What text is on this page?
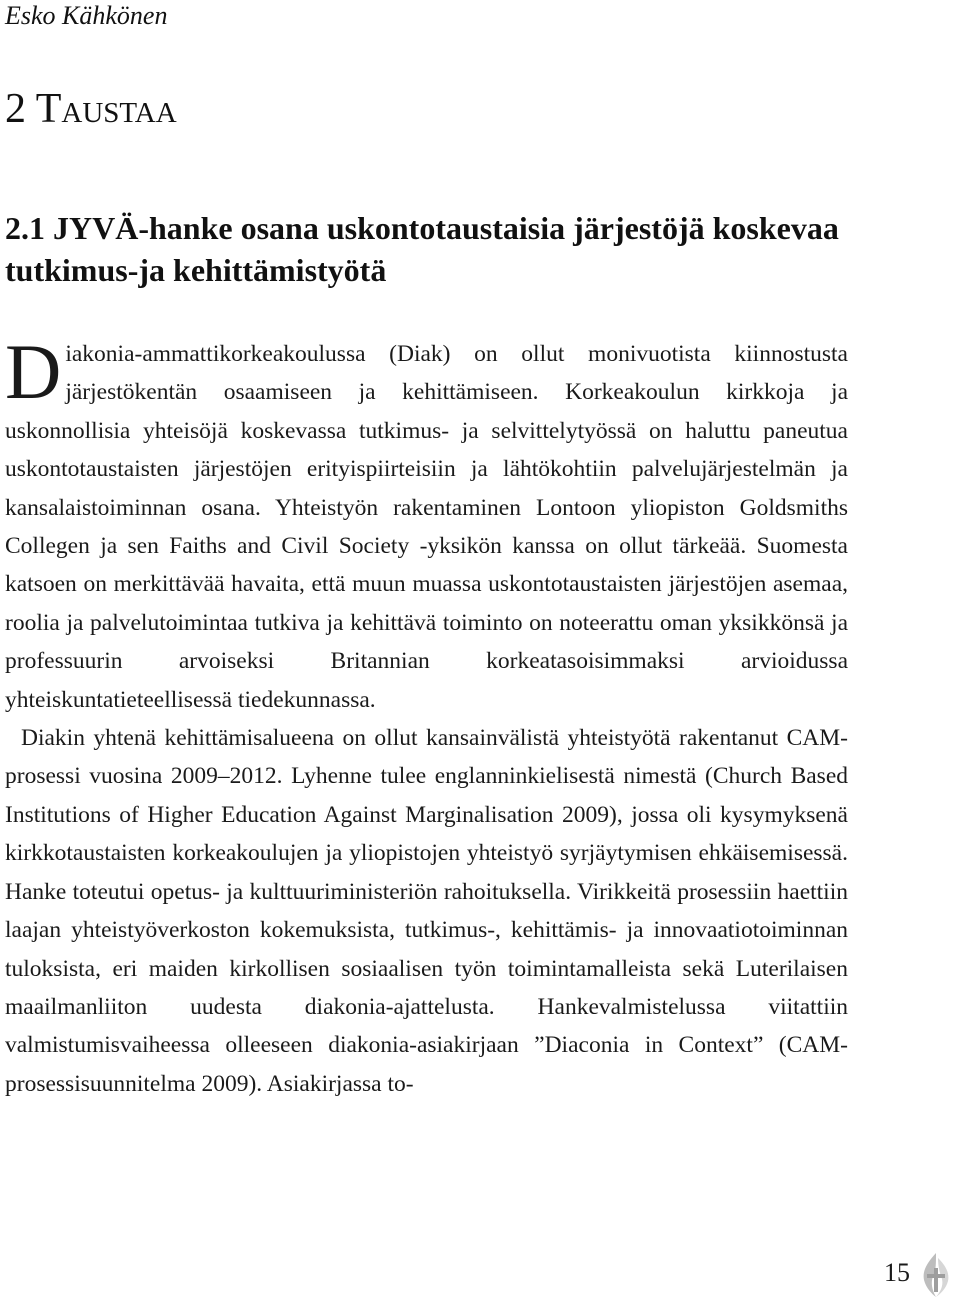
Esko Kähkönen
2 Taustaa
2.1 JYVÄ-hanke osana uskontotaustaisia järjestöjä koskevaa tutkimus-ja kehittämistyötä

Diakonia-ammattikorkeakoulussa (Diak) on ollut monivuotista kiinnostusta järjestökentän osaamiseen ja kehittämiseen. Korkeakoulun kirkkoja ja uskonnollisia yhteisöjä koskevassa tutkimus- ja selvittelytyössä on haluttu paneutua uskontotaustaisten järjestöjen erityispiirteisiin ja lähtökohtiin palvelujärjestelmän ja kansalaistoiminnan osana. Yhteistyön rakentaminen Lontoon yliopiston Goldsmiths Collegen ja sen Faiths and Civil Society -yksikön kanssa on ollut tärkeää. Suomesta katsoen on merkittävää havaita, että muun muassa uskontotaustaisten järjestöjen asemaa, roolia ja palvelutoimintaa tutkiva ja kehittävä toiminto on noteerattu oman yksikkönsä ja professuurin arvoiseksi Britannian korkeatasoisimmaksi arvioidussa yhteiskuntatieteellisessä tiedekunnassa.

Diakin yhtenä kehittämisalueena on ollut kansainvälistä yhteistyötä rakentanut CAM-prosessi vuosina 2009–2012. Lyhenne tulee englanninkielisestä nimestä (Church Based Institutions of Higher Education Against Marginalisation 2009), jossa oli kysymyksenä kirkkotaustaisten korkeakoulujen ja yliopistojen yhteistyö syrjäytymisen ehkäisemisessä. Hanke toteutui opetus- ja kulttuuriministeriön rahoituksella. Virikkeitä prosessiin haettiin laajan yhteistyöverkoston kokemuksista, tutkimus-, kehittämis- ja innovaatiotoiminnan tuloksista, eri maiden kirkollisen sosiaalisen työn toimintamalleista sekä Luterilaisen maailmanliiton uudesta diakonia-ajattelusta. Hankevalmistelussa viitattiin valmistumisvaiheessa olleeseen diakonia-asiakirjaan ”Diaconia in Context” (CAM-prosessisuunnitelma 2009). Asiakirjassa to-

15
